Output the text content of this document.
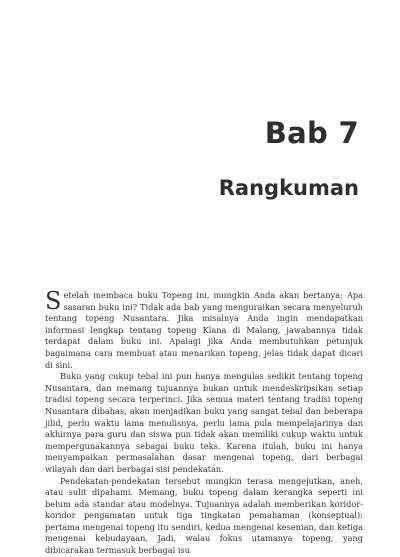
Bab 7
Rangkuman

Setelah membaca buku Topeng ini, mungkin Anda akan bertanya: Apa sasaran buku ini? Tidak ada bab yang menguraikan secara menyeluruh tentang topeng Nusantara. Jika misalnya Anda ingin mendapatkan informasi lengkap tentang topeng Klana di Malang, jawabannya tidak terdapat dalam buku ini. Apalagi jika Anda membutuhkan petunjuk bagaimana cara membuat atau menarikan topeng, jelas tidak dapat dicari di sini.

Buku yang cukup tebal ini pun hanya mengulas sedikit tentang topeng Nusantara, dan memang tujuannya bukan untuk mendeskripsikan setiap tradisi topeng secara terperinci. Jika semua materi tentang tradisi topeng Nusantara dibahas, akan menjadikan buku yang sangat tebal dan beberapa jilid, perlu waktu lama menulisnya, perlu lama pula mempelajarinya dan akhirnya para guru dan siswa pun tidak akan memiliki cukup waktu untuk mempergunakannya sebagai buku teks. Karena itulah, buku ini hanya menyampaikan permasalahan dasar mengenai topeng, dari berbagai wilayah dan dari berbagai sisi pendekatan.

Pendekatan-pendekatan tersebut mungkin terasa mengejutkan, aneh, atau sulit dipahami. Memang, buku topeng dalam kerangka seperti ini belum ada standar atau modelnya. Tujuannya adalah memberikan koridor-koridor pengamatan untuk tiga tingkatan pemahaman (konseptual): pertama mengenai topeng itu sendiri, kedua mengenai kesenian, dan ketiga mengenai kebudayaan. Jadi, walau fokus utamanya topeng, yang dibicarakan termasuk berbagai isu
